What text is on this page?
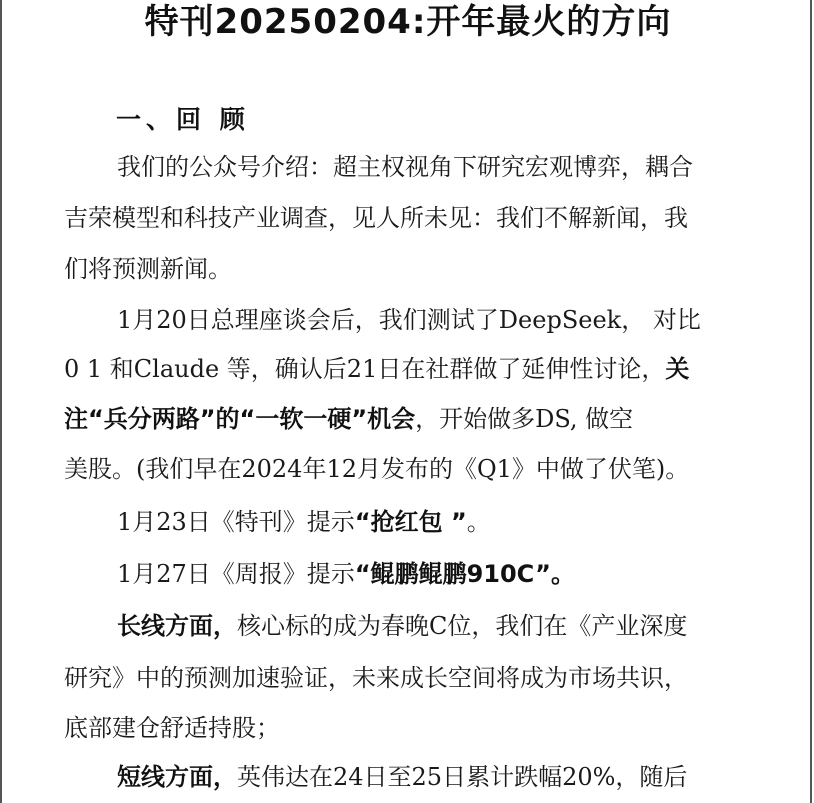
特刊20250204:开年最火的方向
一、回 顾
我们的公众号介绍：超主权视角下研究宏观博弈，耦合
吉荣模型和科技产业调查，见人所未见：我们不解新闻，我
们将预测新闻。
1月20日总理座谈会后，我们测试了DeepSeek， 对比
0 1 和Claude 等，确认后21日在社群做了延伸性讨论，关
注“兵分两路”的“一软一硬”机会，开始做多DS, 做空
美股。(我们早在2024年12月发布的《Q1》中做了伏笔)。
1月23日《特刊》提示“抢红包 ”。
1月27日《周报》提示“鲲鹏鲲鹏910C”。
长线方面，核心标的成为春晚C位，我们在《产业深度
研究》中的预测加速验证，未来成长空间将成为市场共识，
底部建仓舒适持股；
短线方面，英伟达在24日至25日累计跌幅20%，随后
